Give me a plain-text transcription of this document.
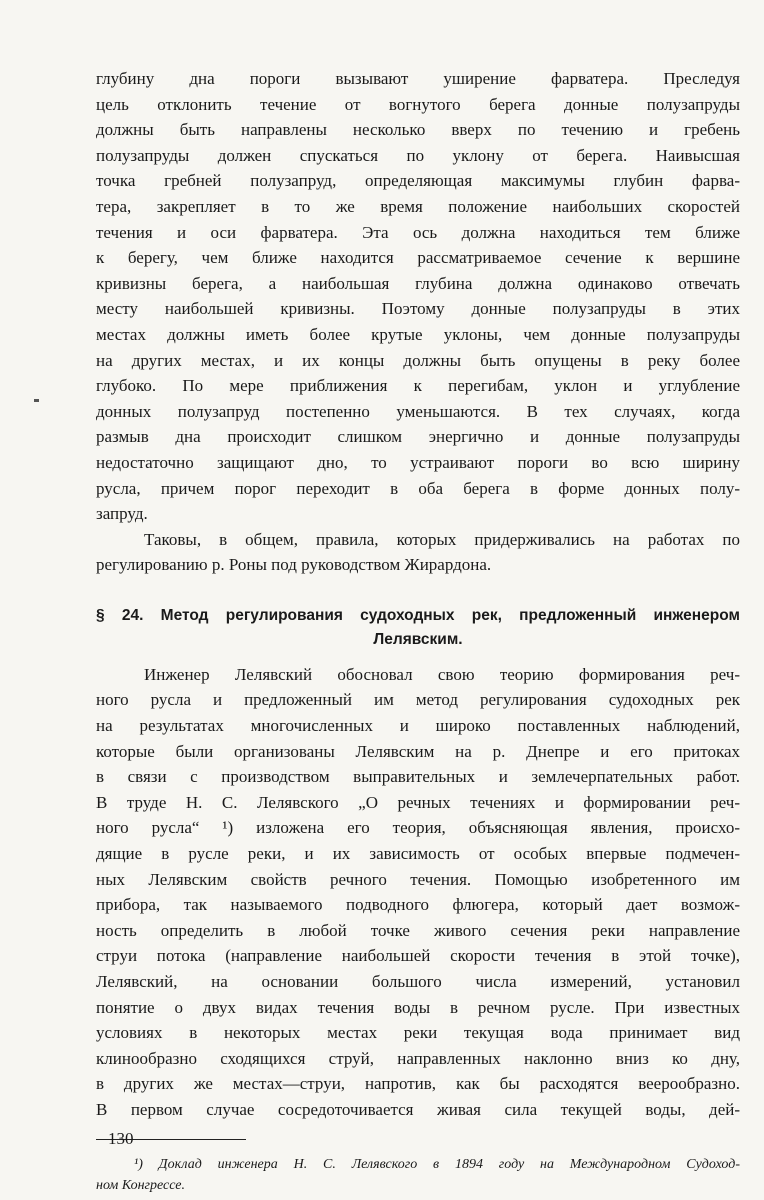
глубину дна пороги вызывают уширение фарватера. Преследуя
цель отклонить течение от вогнутого берега донные полузапруды
должны быть направлены несколько вверх по течению и гребень
полузапруды должен спускаться по уклону от берега. Наивысшая
точка гребней полузапруд, определяющая максимумы глубин фарва-
тера, закрепляет в то же время положение наибольших скоростей
течения и оси фарватера. Эта ось должна находиться тем ближе
к берегу, чем ближе находится рассматриваемое сечение к вершине
кривизны берега, а наибольшая глубина должна одинаково отвечать
месту наибольшей кривизны. Поэтому донные полузапруды в этих
местах должны иметь более крутые уклоны, чем донные полузапруды
на других местах, и их концы должны быть опущены в реку более
глубоко. По мере приближения к перегибам, уклон и углубление
донных полузапруд постепенно уменьшаются. В тех случаях, когда
размыв дна происходит слишком энергично и донные полузапруды
недостаточно защищают дно, то устраивают пороги во всю ширину
русла, причем порог переходит в оба берега в форме донных полу-
запруд.
Таковы, в общем, правила, которых придерживались на работах по
регулированию р. Роны под руководством Жирардона.
§ 24. Метод регулирования судоходных рек, предложенный инженером
Лелявским.
Инженер Лелявский обосновал свою теорию формирования реч-
ного русла и предложенный им метод регулирования судоходных рек
на результатах многочисленных и широко поставленных наблюдений,
которые были организованы Лелявским на р. Днепре и его притоках
в связи с производством выправительных и землечерпательных работ.
В труде Н. С. Лелявского „О речных течениях и формировании реч-
ного русла“ ¹) изложена его теория, объясняющая явления, происхо-
дящие в русле реки, и их зависимость от особых впервые подмечен-
ных Лелявским свойств речного течения. Помощью изобретенного им
прибора, так называемого подводного флюгера, который дает возмож-
ность определить в любой точке живого сечения реки направление
струи потока (направление наибольшей скорости течения в этой точке),
Лелявский, на основании большого числа измерений, установил
понятие о двух видах течения воды в речном русле. При известных
условиях в некоторых местах реки текущая вода принимает вид
клинообразно сходящихся струй, направленных наклонно вниз ко дну,
в других же местах—струи, напротив, как бы расходятся веерообразно.
В первом случае сосредоточивается живая сила текущей воды, дей-
¹) Доклад инженера Н. С. Лелявского в 1894 году на Международном Судоход-
ном Конгрессе.
130
